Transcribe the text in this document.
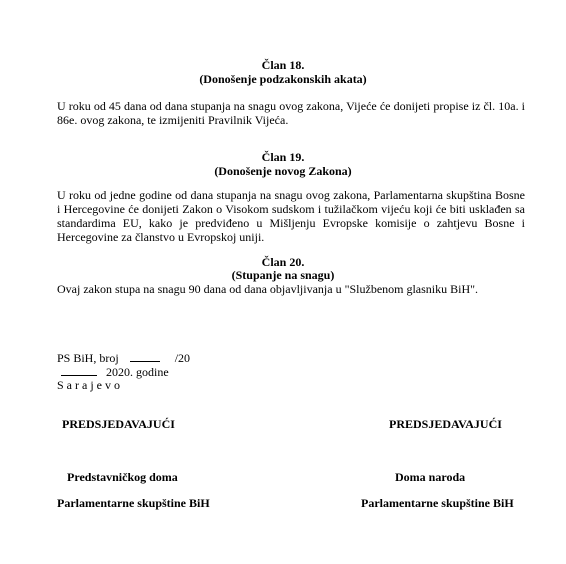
Član 18.
(Donošenje podzakonskih akata)
U roku od 45 dana od dana stupanja na snagu ovog zakona, Vijeće će donijeti propise iz čl. 10a. i
86e. ovog zakona, te izmijeniti Pravilnik Vijeća.
Član 19.
(Donošenje novog Zakona)
U roku od jedne godine od dana stupanja na snagu ovog zakona, Parlamentarna skupština Bosne
i Hercegovine će donijeti Zakon o Visokom sudskom i tužilačkom vijeću koji će biti usklađen sa
standardima EU, kako je predviđeno u Mišljenju Evropske komisije o zahtjevu Bosne i
Hercegovine za članstvo u Evropskoj uniji.
Član 20.
(Stupanje na snagu)
Ovaj zakon stupa na snagu 90 dana od dana objavljivanja u "Službenom glasniku BiH".
PS BiH, broj	/20
2020. godine
S a r a j e v o
PREDSJEDAVAJUĆI	PREDSJEDAVAJUĆI
Predstavničkog doma	Doma naroda
Parlamentarne skupštine BiH	Parlamentarne skupštine BiH
